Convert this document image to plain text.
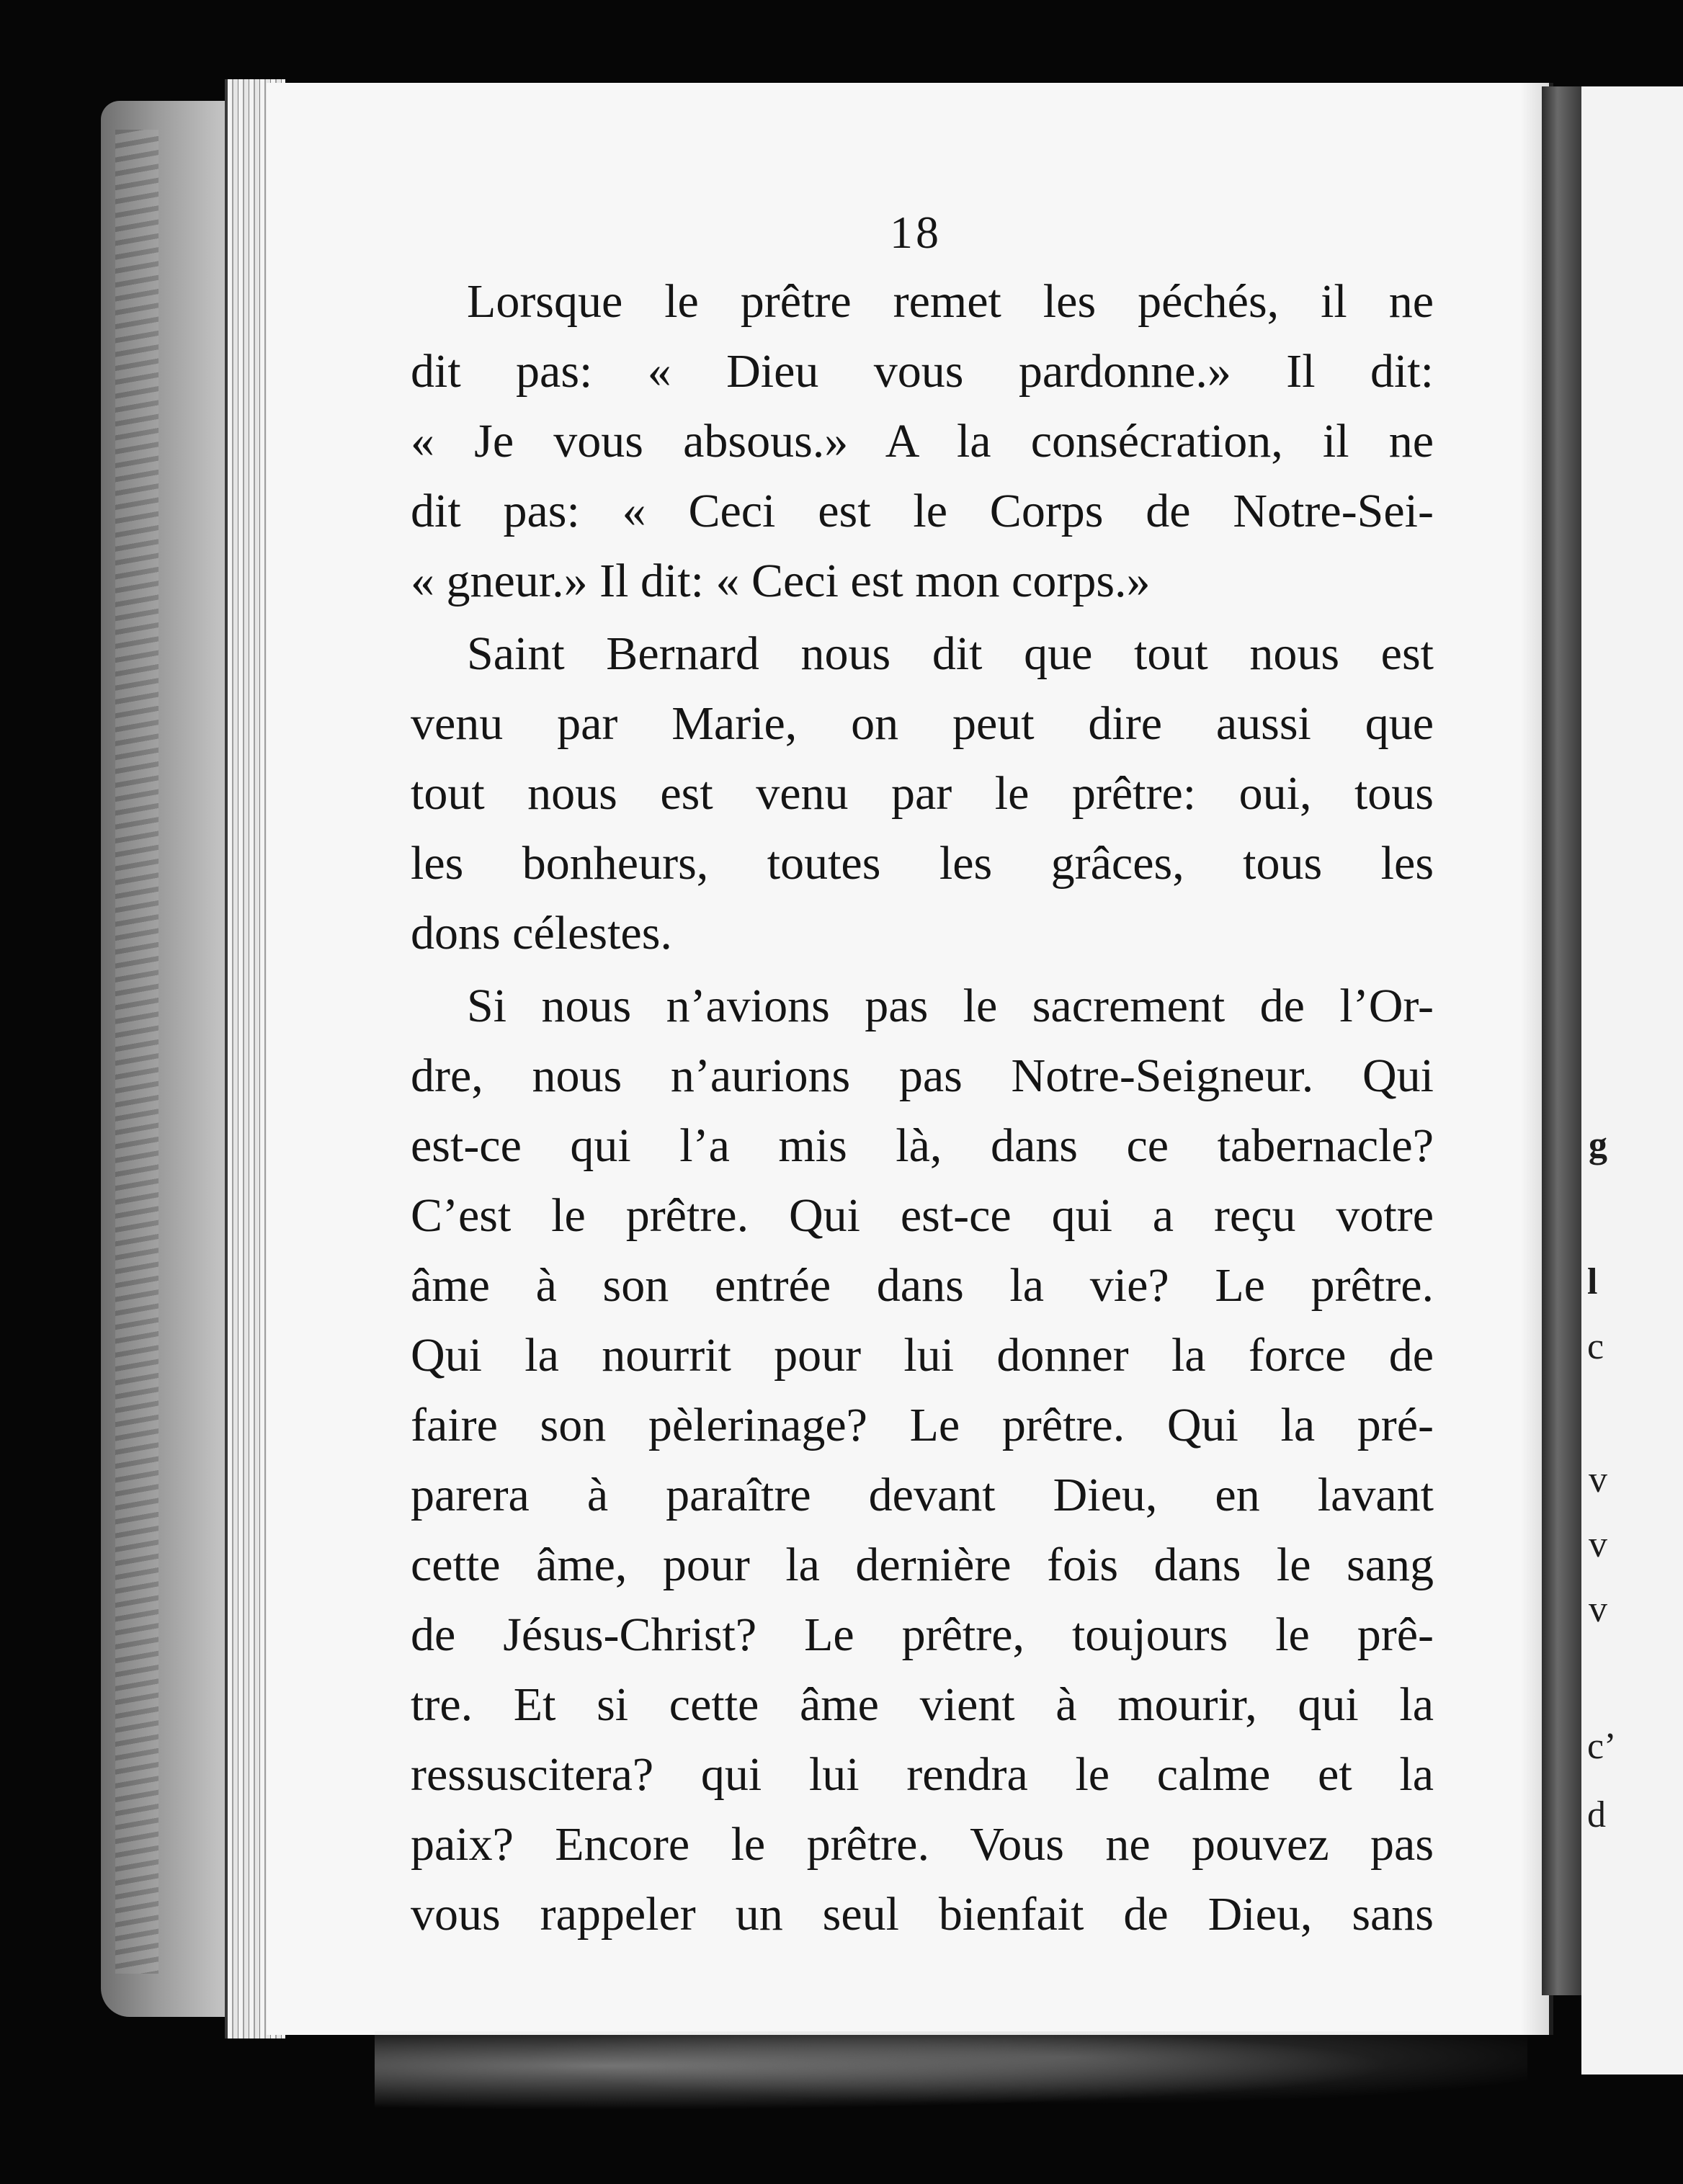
g
l
c
v
v
v
c’
d
18
Lorsque le prêtre remet les péchés, il ne
dit pas: « Dieu vous pardonne.» Il dit:
« Je vous absous.» A la consécration, il ne
dit pas: « Ceci est le Corps de Notre-Sei-
« gneur.» Il dit: « Ceci est mon corps.»
Saint Bernard nous dit que tout nous est
venu par Marie, on peut dire aussi que
tout nous est venu par le prêtre: oui, tous
les bonheurs, toutes les grâces, tous les
dons célestes.
Si nous n’avions pas le sacrement de l’Or-
dre, nous n’aurions pas Notre-Seigneur. Qui
est-ce qui l’a mis là, dans ce tabernacle?
C’est le prêtre. Qui est-ce qui a reçu votre
âme à son entrée dans la vie? Le prêtre.
Qui la nourrit pour lui donner la force de
faire son pèlerinage? Le prêtre. Qui la pré-
parera à paraître devant Dieu, en lavant
cette âme, pour la dernière fois dans le sang
de Jésus-Christ? Le prêtre, toujours le prê-
tre. Et si cette âme vient à mourir, qui la
ressuscitera? qui lui rendra le calme et la
paix? Encore le prêtre. Vous ne pouvez pas
vous rappeler un seul bienfait de Dieu, sans
